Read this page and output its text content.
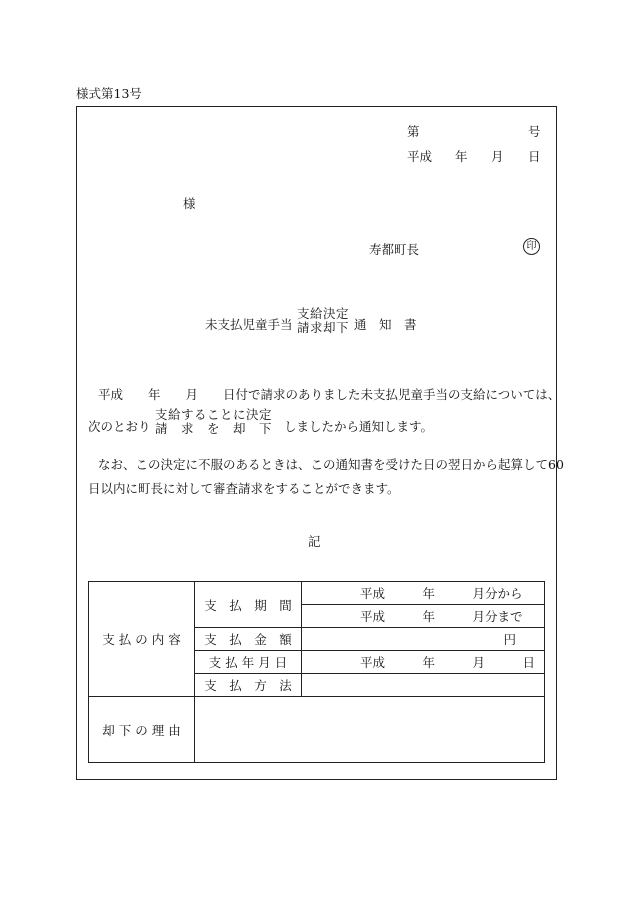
様式第13号
第	号
平成 年 月 日
様
寿都町長	印
未支払児童手当
支給決定
請求却下 通　知　書
平成　　年　　月　　日付で請求のありました未支払児童手当の支給については、
次のとおり
支給することに決定
請　求　を　却　下 しましたから通知します。
なお、この決定に不服のあるときは、この通知書を受けた日の翌日から起算して60
日以内に町長に対して審査請求をすることができます。
記
支 払 の 内 容	支　払　期　間	平成　　　年　　　月分から
		平成　　　年　　　月分まで
	支　払　金　額	円
	支 払 年 月 日	平成　　　年　　　月　　　日
	支　払　方　法	
却 下 の 理 由		
